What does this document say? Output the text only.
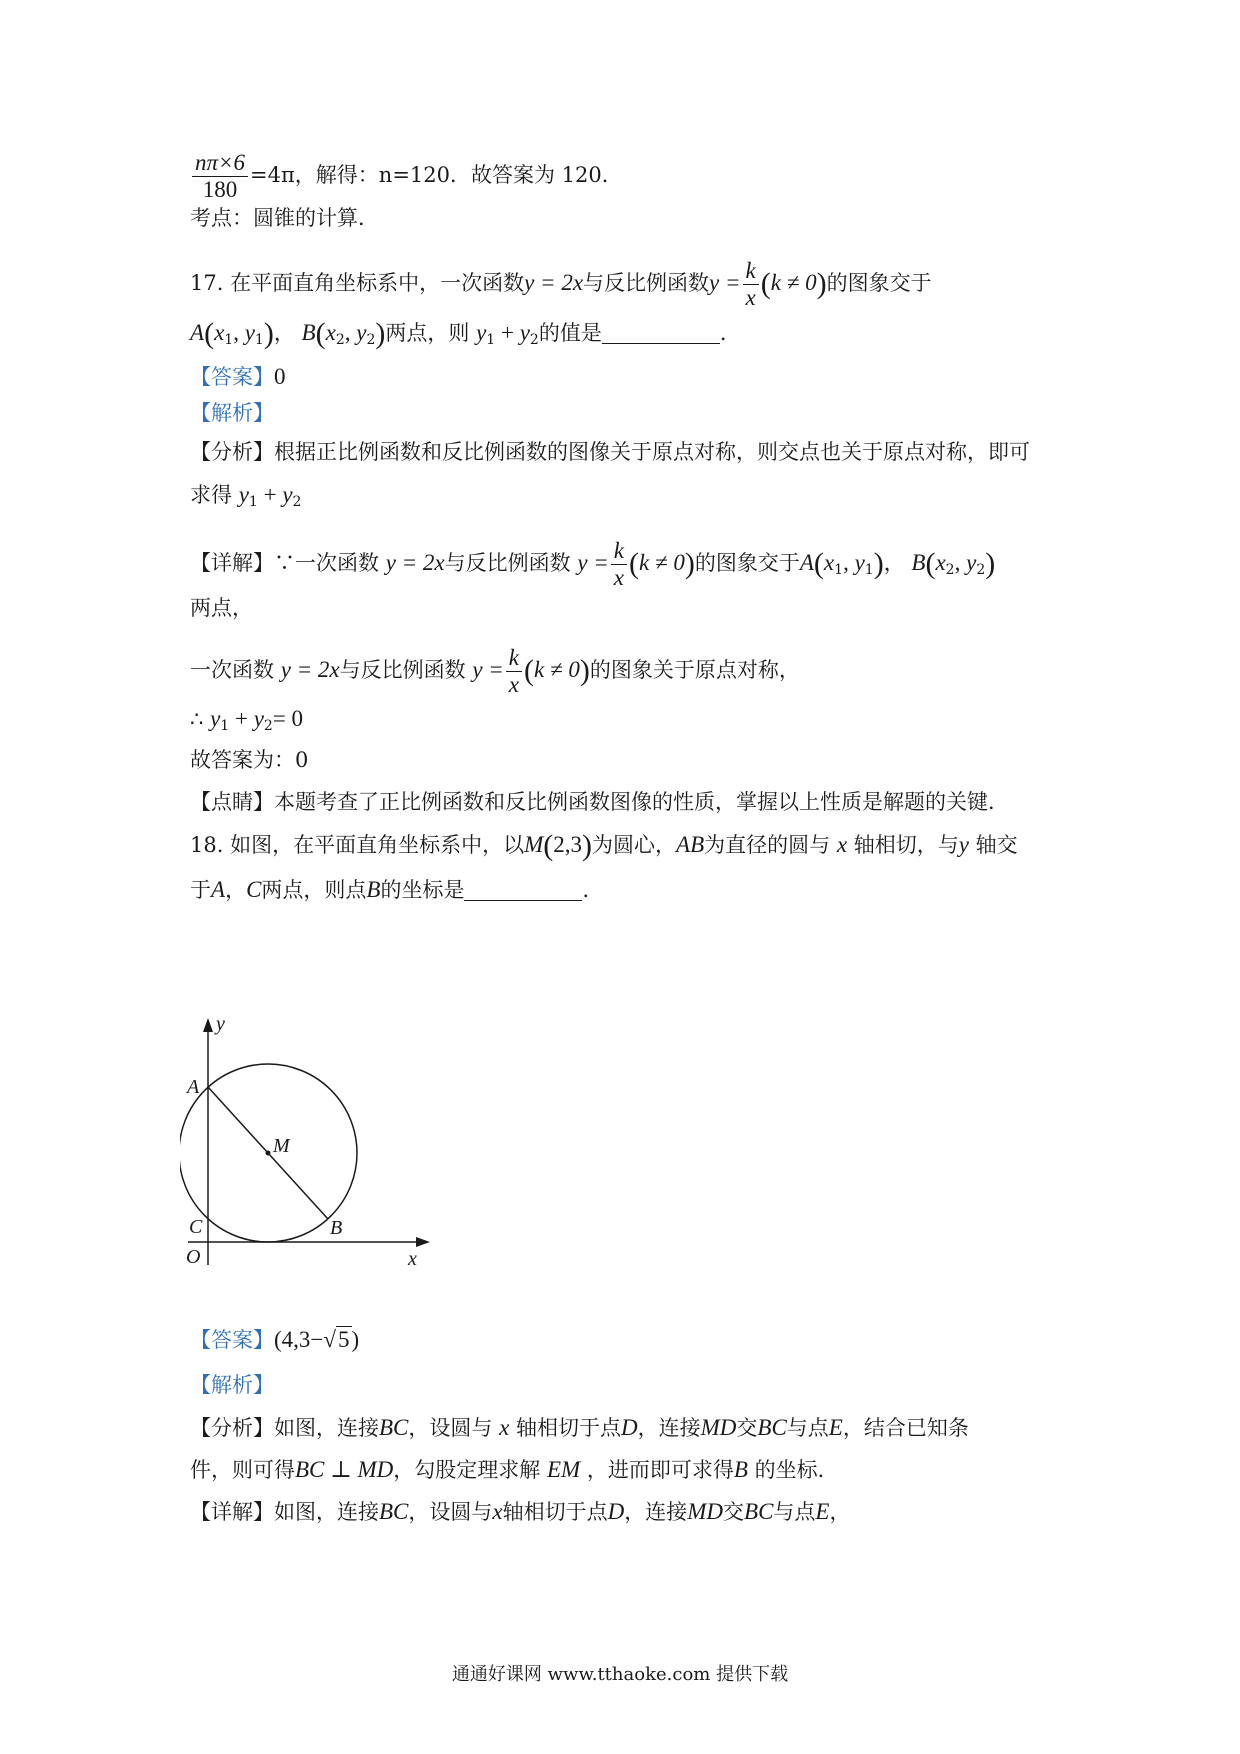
$\frac{n\pi\times 6}{180} =4\pi$，解得：n=120．故答案为 120．
考点：圆锥的计算．
17. 在平面直角坐标系中，一次函数y = 2x与反比例函数$y = \frac{k}{x} (k \ne 0)$的图象交于
$A(x_1$, $y_1$)， $B(x_2$, $y_2$)两点，则 $y_1 + y_2$的值是	．
【答案】0
【解析】
【分析】根据正比例函数和反比例函数的图像关于原点对称，则交点也关于原点对称，即可
求得 $y_1 + y_2$
【详解】∵一次函数 y = 2x与反比例函数 $y = \frac{k}{x} (k \ne 0)$的图象交于$A(x_1$, $y_1$)， $B(x_2$, $y_2$)
两点，
一次函数 y = 2x与反比例函数 $y = \frac{k}{x} (k \ne 0)$的图象关于原点对称，
∴ $y_1 + y_2= 0$
故答案为：0
【点睛】本题考查了正比例函数和反比例函数图像的性质，掌握以上性质是解题的关键．
18. 如图，在平面直角坐标系中，以M(2,3)为圆心，AB为直径的圆与 x 轴相切，与y 轴交
于A，C两点，则点B的坐标是	．
y
A
M
C	B
O	x
【答案】(4,3−√5)
【解析】
【分析】如图，连接BC，设圆与 x 轴相切于点D，连接MD交BC与点E，结合已知条
件，则可得BC ⊥ MD，勾股定理求解 EM ，进而即可求得B 的坐标．
【详解】如图，连接BC，设圆与x轴相切于点D，连接MD交BC与点E，
通通好课网 www.tthaoke.com 提供下载
